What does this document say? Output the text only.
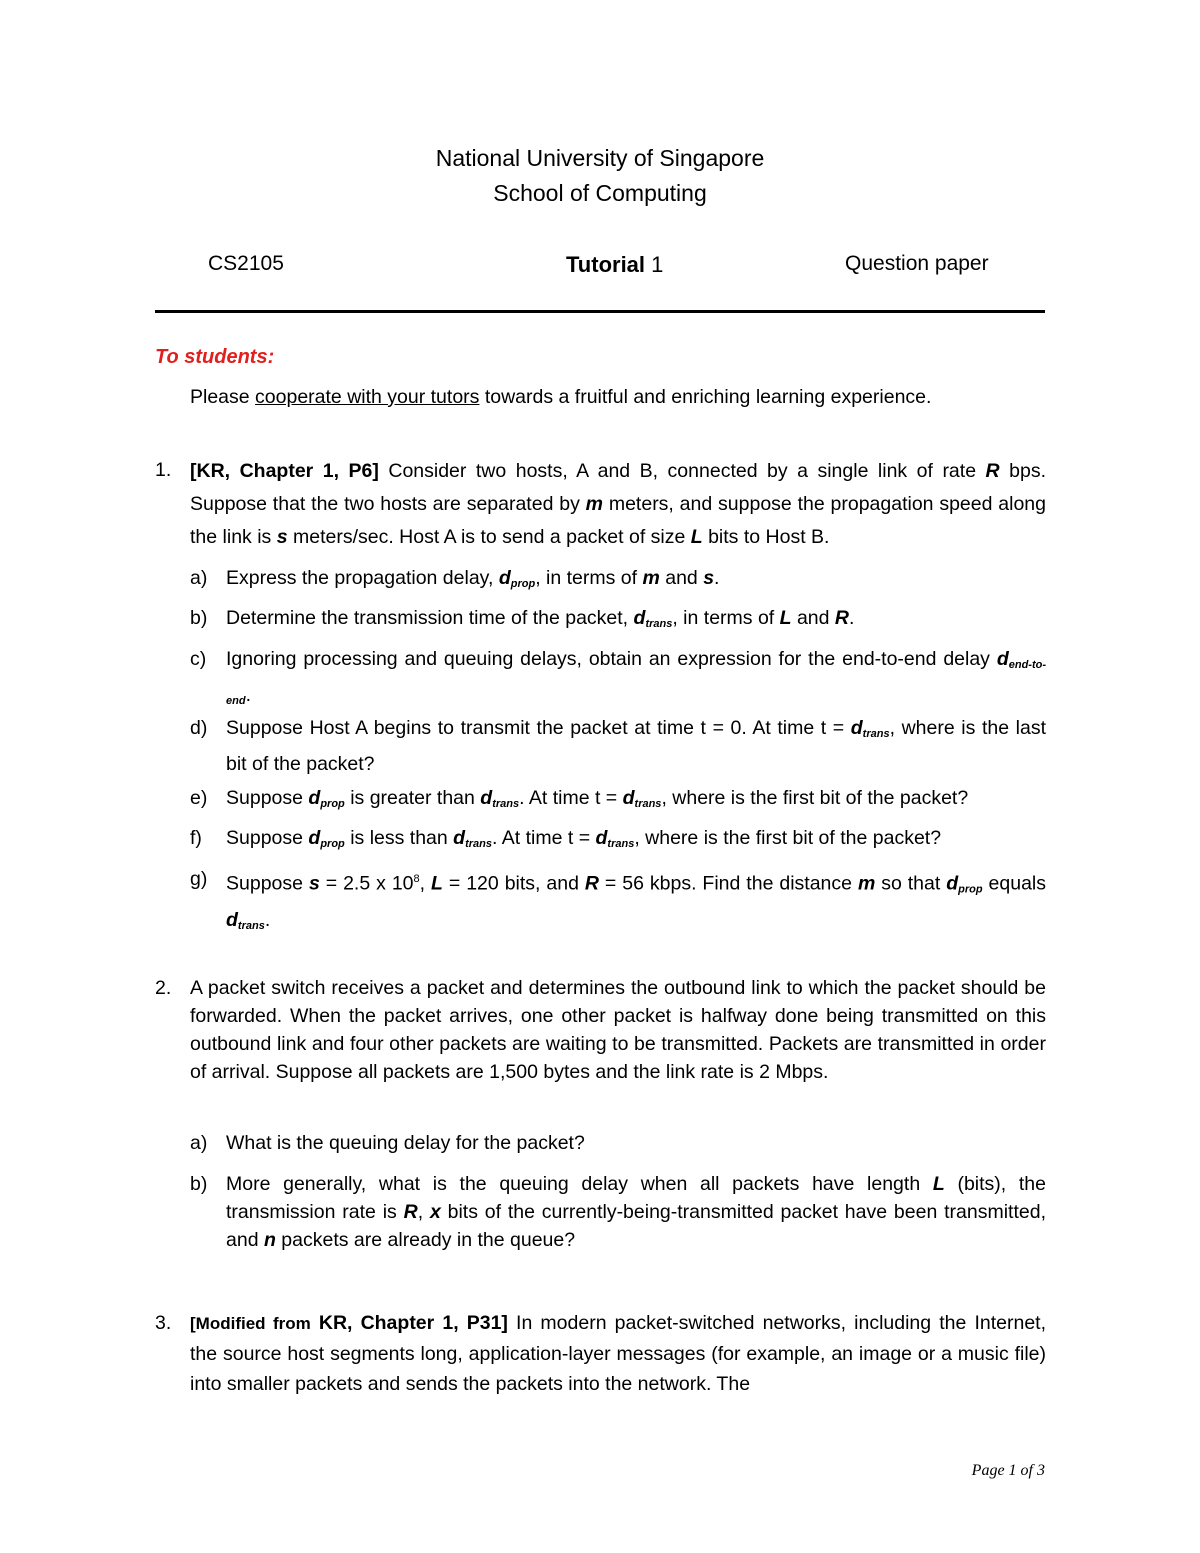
National University of Singapore
School of Computing
CS2105	Tutorial 1	Question paper
To students:
Please cooperate with your tutors towards a fruitful and enriching learning experience.
1. [KR, Chapter 1, P6] Consider two hosts, A and B, connected by a single link of rate R bps. Suppose that the two hosts are separated by m meters, and suppose the propagation speed along the link is s meters/sec. Host A is to send a packet of size L bits to Host B.
a) Express the propagation delay, dprop, in terms of m and s.
b) Determine the transmission time of the packet, dtrans, in terms of L and R.
c) Ignoring processing and queuing delays, obtain an expression for the end-to-end delay dend-to-end.
d) Suppose Host A begins to transmit the packet at time t = 0. At time t = dtrans, where is the last bit of the packet?
e) Suppose dprop is greater than dtrans. At time t = dtrans, where is the first bit of the packet?
f) Suppose dprop is less than dtrans. At time t = dtrans, where is the first bit of the packet?
g) Suppose s = 2.5 x $10^8$, L = 120 bits, and R = 56 kbps. Find the distance m so that dprop equals dtrans.
2. A packet switch receives a packet and determines the outbound link to which the packet should be forwarded. When the packet arrives, one other packet is halfway done being transmitted on this outbound link and four other packets are waiting to be transmitted. Packets are transmitted in order of arrival. Suppose all packets are 1,500 bytes and the link rate is 2 Mbps.
a) What is the queuing delay for the packet?
b) More generally, what is the queuing delay when all packets have length L (bits), the transmission rate is R, x bits of the currently-being-transmitted packet have been transmitted, and n packets are already in the queue?
3. [Modified from KR, Chapter 1, P31] In modern packet-switched networks, including the Internet, the source host segments long, application-layer messages (for example, an image or a music file) into smaller packets and sends the packets into the network. The
Page 1 of 3
